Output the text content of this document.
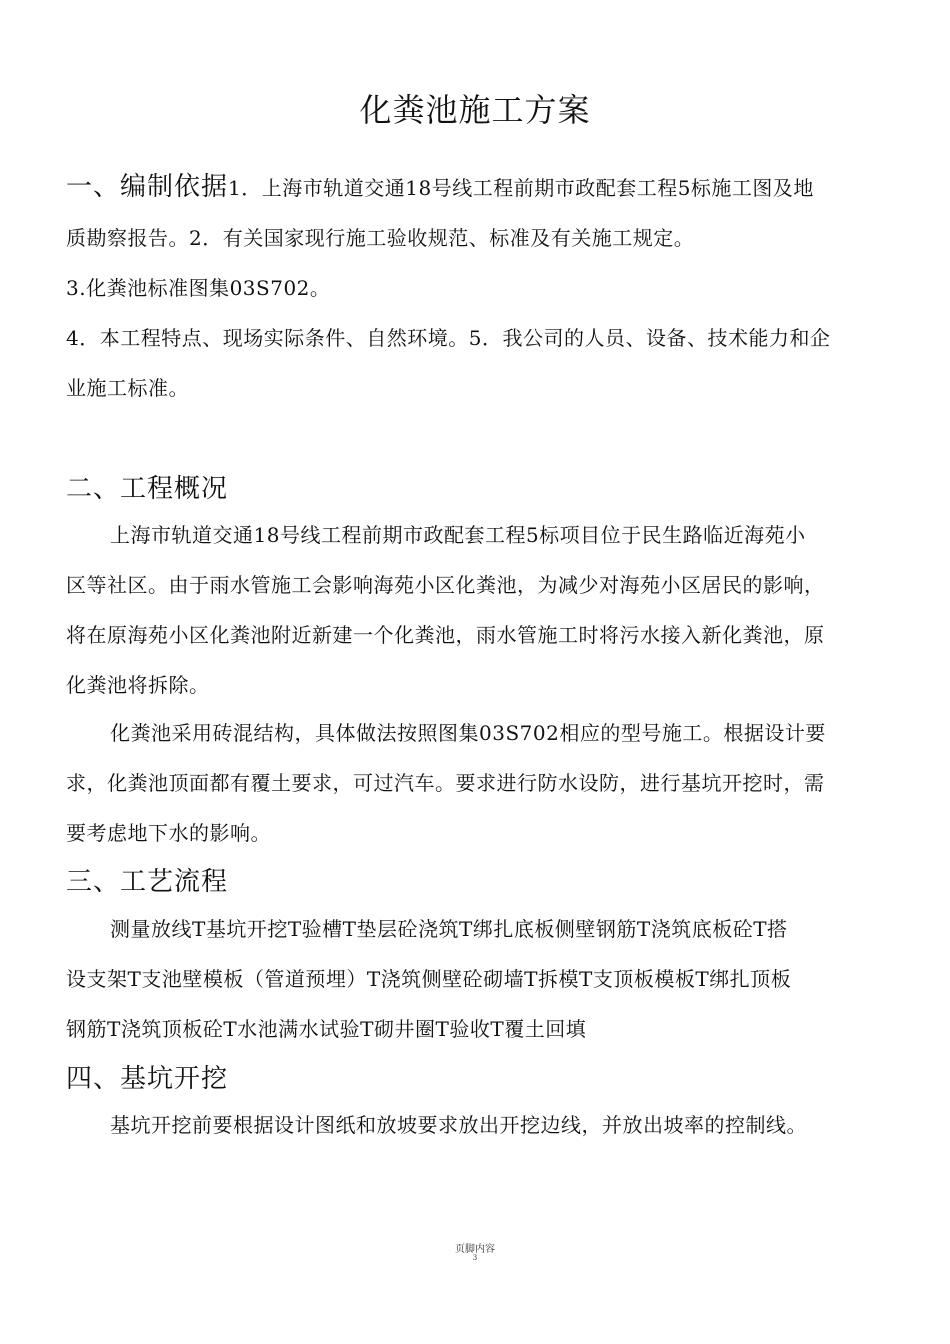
化粪池施工方案
一、编制依据1．上海市轨道交通18号线工程前期市政配套工程5标施工图及地
质勘察报告。2．有关国家现行施工验收规范、标准及有关施工规定。
3.化粪池标准图集03S702。
4．本工程特点、现场实际条件、自然环境。5．我公司的人员、设备、技术能力和企
业施工标准。
二、工程概况
上海市轨道交通18号线工程前期市政配套工程5标项目位于民生路临近海苑小
区等社区。由于雨水管施工会影响海苑小区化粪池，为减少对海苑小区居民的影响，
将在原海苑小区化粪池附近新建一个化粪池，雨水管施工时将污水接入新化粪池，原
化粪池将拆除。
化粪池采用砖混结构，具体做法按照图集03S702相应的型号施工。根据设计要
求，化粪池顶面都有覆土要求，可过汽车。要求进行防水设防，进行基坑开挖时，需
要考虑地下水的影响。
三、工艺流程
测量放线T基坑开挖T验槽T垫层砼浇筑T绑扎底板侧壁钢筋T浇筑底板砼T搭
设支架T支池壁模板（管道预埋）T浇筑侧壁砼砌墙T拆模T支顶板模板T绑扎顶板
钢筋T浇筑顶板砼T水池满水试验T砌井圈T验收T覆土回填
四、基坑开挖
基坑开挖前要根据设计图纸和放坡要求放出开挖边线，并放出坡率的控制线。
页脚内容
3
